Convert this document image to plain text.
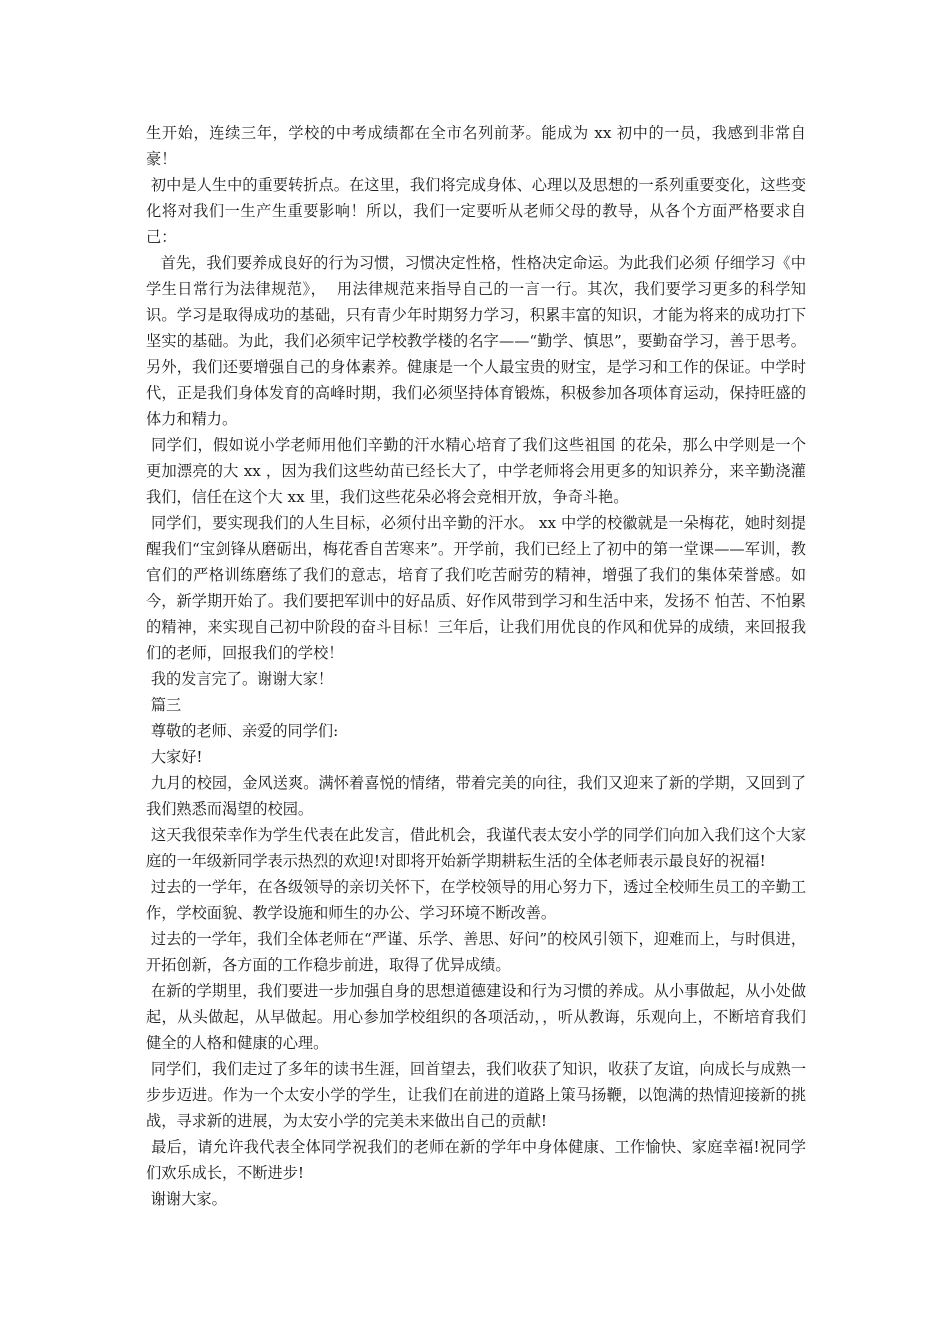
生开始，连续三年，学校的中考成绩都在全市名列前茅。能成为 xx 初中的一员，我感到非常自豪！

初中是人生中的重要转折点。在这里，我们将完成身体、心理以及思想的一系列重要变化，这些变化将对我们一生产生重要影响！所以，我们一定要听从老师父母的教导，从各个方面严格要求自己：

首先，我们要养成良好的行为习惯，习惯决定性格，性格决定命运。为此我们必须 仔细学习《中学生日常行为法律规范》，  用法律规范来指导自己的一言一行。其次，我们要学习更多的科学知识。学习是取得成功的基础，只有青少年时期努力学习，积累丰富的知识，才能为将来的成功打下坚实的基础。为此，我们必须牢记学校教学楼的名字——“勤学、慎思”，要勤奋学习，善于思考。另外，我们还要增强自己的身体素养。健康是一个人最宝贵的财宝，是学习和工作的保证。中学时代，正是我们身体发育的高峰时期，我们必须坚持体育锻炼，积极参加各项体育运动，保持旺盛的体力和精力。

同学们，假如说小学老师用他们辛勤的汗水精心培育了我们这些祖国 的花朵，那么中学则是一个更加漂亮的大 xx ，因为我们这些幼苗已经长大了，中学老师将会用更多的知识养分，来辛勤浇灌我们，信任在这个大 xx 里，我们这些花朵必将会竞相开放，争奇斗艳。

同学们，要实现我们的人生目标，必须付出辛勤的汗水。 xx 中学的校徽就是一朵梅花，她时刻提醒我们“宝剑锋从磨砺出，梅花香自苦寒来”。开学前，我们已经上了初中的第一堂课——军训，教官们的严格训练磨练了我们的意志，培育了我们吃苦耐劳的精神，增强了我们的集体荣誉感。如今，新学期开始了。我们要把军训中的好品质、好作风带到学习和生活中来，发扬不 怕苦、不怕累的精神，来实现自己初中阶段的奋斗目标！三年后，让我们用优良的作风和优异的成绩，来回报我们的老师，回报我们的学校！

我的发言完了。谢谢大家！

篇三

尊敬的老师、亲爱的同学们:

大家好!

九月的校园，金风送爽。满怀着喜悦的情绪，带着完美的向往，我们又迎来了新的学期，又回到了我们熟悉而渴望的校园。

这天我很荣幸作为学生代表在此发言，借此机会，我谨代表太安小学的同学们向加入我们这个大家庭的一年级新同学表示热烈的欢迎!对即将开始新学期耕耘生活的全体老师表示最良好的祝福!

过去的一学年，在各级领导的亲切关怀下，在学校领导的用心努力下，透过全校师生员工的辛勤工作，学校面貌、教学设施和师生的办公、学习环境不断改善。

过去的一学年，我们全体老师在“严谨、乐学、善思、好问”的校风引领下，迎难而上，与时俱进，开拓创新，各方面的工作稳步前进，取得了优异成绩。

在新的学期里，我们要进一步加强自身的思想道德建设和行为习惯的养成。从小事做起，从小处做起，从头做起，从早做起。用心参加学校组织的各项活动，，听从教诲，乐观向上，不断培育我们健全的人格和健康的心理。

同学们，我们走过了多年的读书生涯，回首望去，我们收获了知识，收获了友谊，向成长与成熟一步步迈进。作为一个太安小学的学生，让我们在前进的道路上策马扬鞭，以饱满的热情迎接新的挑战，寻求新的进展，为太安小学的完美未来做出自己的贡献!

最后，请允许我代表全体同学祝我们的老师在新的学年中身体健康、工作愉快、家庭幸福!祝同学们欢乐成长，不断进步!

谢谢大家。
